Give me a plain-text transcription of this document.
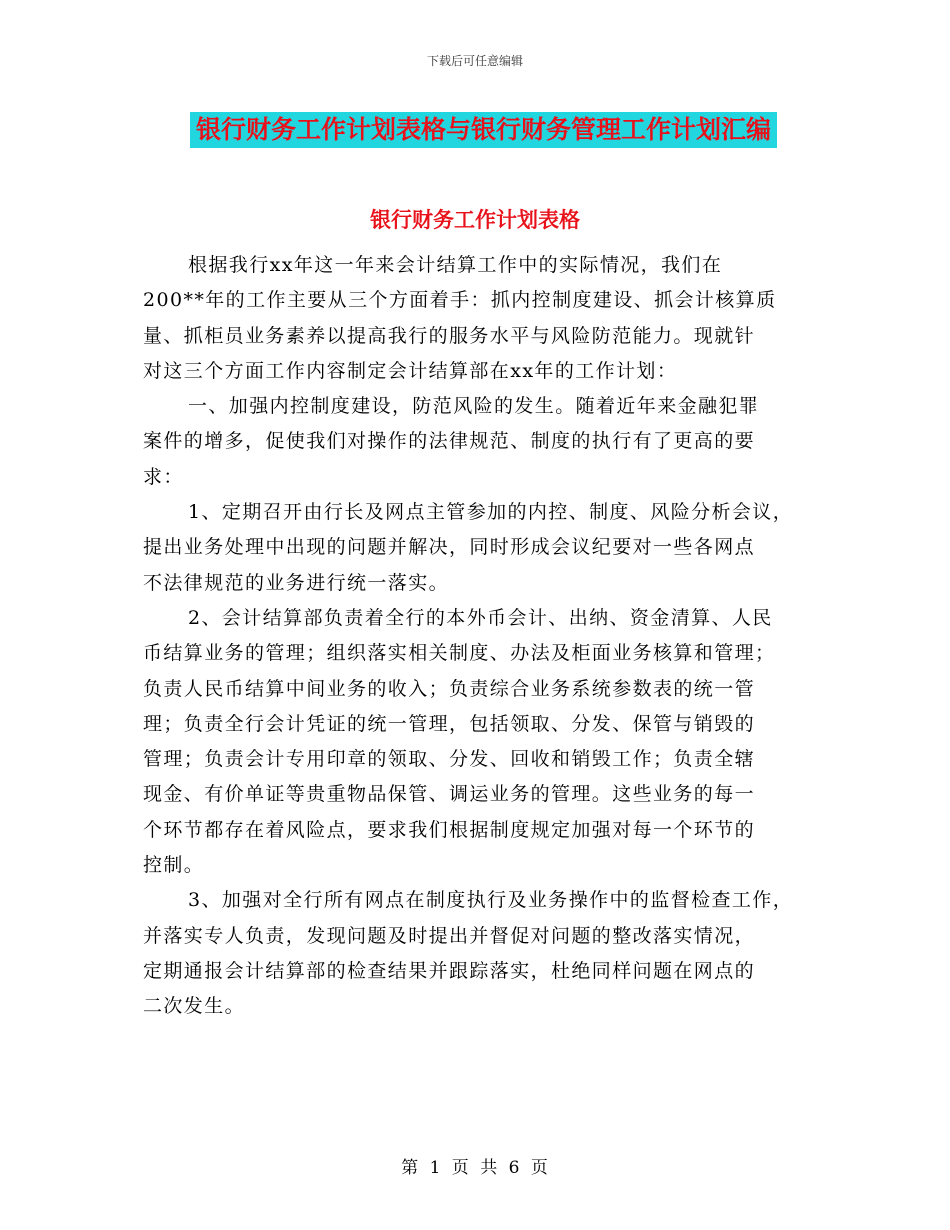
下载后可任意编辑
银行财务工作计划表格与银行财务管理工作计划汇编
银行财务工作计划表格
根据我行xx年这一年来会计结算工作中的实际情况，我们在
200**年的工作主要从三个方面着手：抓内控制度建设、抓会计核算质
量、抓柜员业务素养以提高我行的服务水平与风险防范能力。现就针
对这三个方面工作内容制定会计结算部在xx年的工作计划：
一、加强内控制度建设，防范风险的发生。随着近年来金融犯罪
案件的增多，促使我们对操作的法律规范、制度的执行有了更高的要
求：
1、定期召开由行长及网点主管参加的内控、制度、风险分析会议，
提出业务处理中出现的问题并解决，同时形成会议纪要对一些各网点
不法律规范的业务进行统一落实。
2、会计结算部负责着全行的本外币会计、出纳、资金清算、人民
币结算业务的管理；组织落实相关制度、办法及柜面业务核算和管理；
负责人民币结算中间业务的收入；负责综合业务系统参数表的统一管
理；负责全行会计凭证的统一管理，包括领取、分发、保管与销毁的
管理；负责会计专用印章的领取、分发、回收和销毁工作；负责全辖
现金、有价单证等贵重物品保管、调运业务的管理。这些业务的每一
个环节都存在着风险点，要求我们根据制度规定加强对每一个环节的
控制。
3、加强对全行所有网点在制度执行及业务操作中的监督检查工作，
并落实专人负责，发现问题及时提出并督促对问题的整改落实情况，
定期通报会计结算部的检查结果并跟踪落实，杜绝同样问题在网点的
二次发生。
第 1 页 共 6 页
